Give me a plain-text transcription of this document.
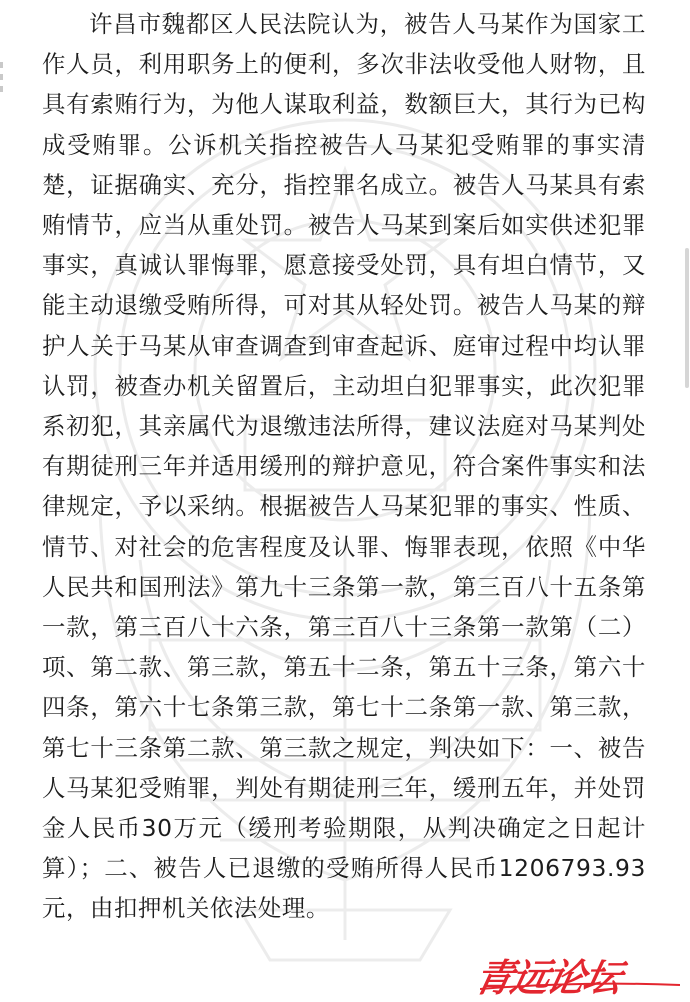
许昌市魏都区人民法院认为，被告人马某作为国家工作人员，利用职务上的便利，多次非法收受他人财物，且具有索贿行为，为他人谋取利益，数额巨大，其行为已构成受贿罪。公诉机关指控被告人马某犯受贿罪的事实清楚，证据确实、充分，指控罪名成立。被告人马某具有索贿情节，应当从重处罚。被告人马某到案后如实供述犯罪事实，真诚认罪悔罪，愿意接受处罚，具有坦白情节，又能主动退缴受贿所得，可对其从轻处罚。被告人马某的辩护人关于马某从审查调查到审查起诉、庭审过程中均认罪认罚，被查办机关留置后，主动坦白犯罪事实，此次犯罪系初犯，其亲属代为退缴违法所得，建议法庭对马某判处有期徒刑三年并适用缓刑的辩护意见，符合案件事实和法律规定，予以采纳。根据被告人马某犯罪的事实、性质、情节、对社会的危害程度及认罪、悔罪表现，依照《中华人民共和国刑法》第九十三条第一款，第三百八十五条第一款，第三百八十六条，第三百八十三条第一款第（二）项、第二款、第三款，第五十二条，第五十三条，第六十四条，第六十七条第三款，第七十二条第一款、第三款，第七十三条第二款、第三款之规定，判决如下：一、被告人马某犯受贿罪，判处有期徒刑三年，缓刑五年，并处罚金人民币30万元（缓刑考验期限，从判决确定之日起计算）；二、被告人已退缴的受贿所得人民币1206793.93元，由扣押机关依法处理。

青远论坛
